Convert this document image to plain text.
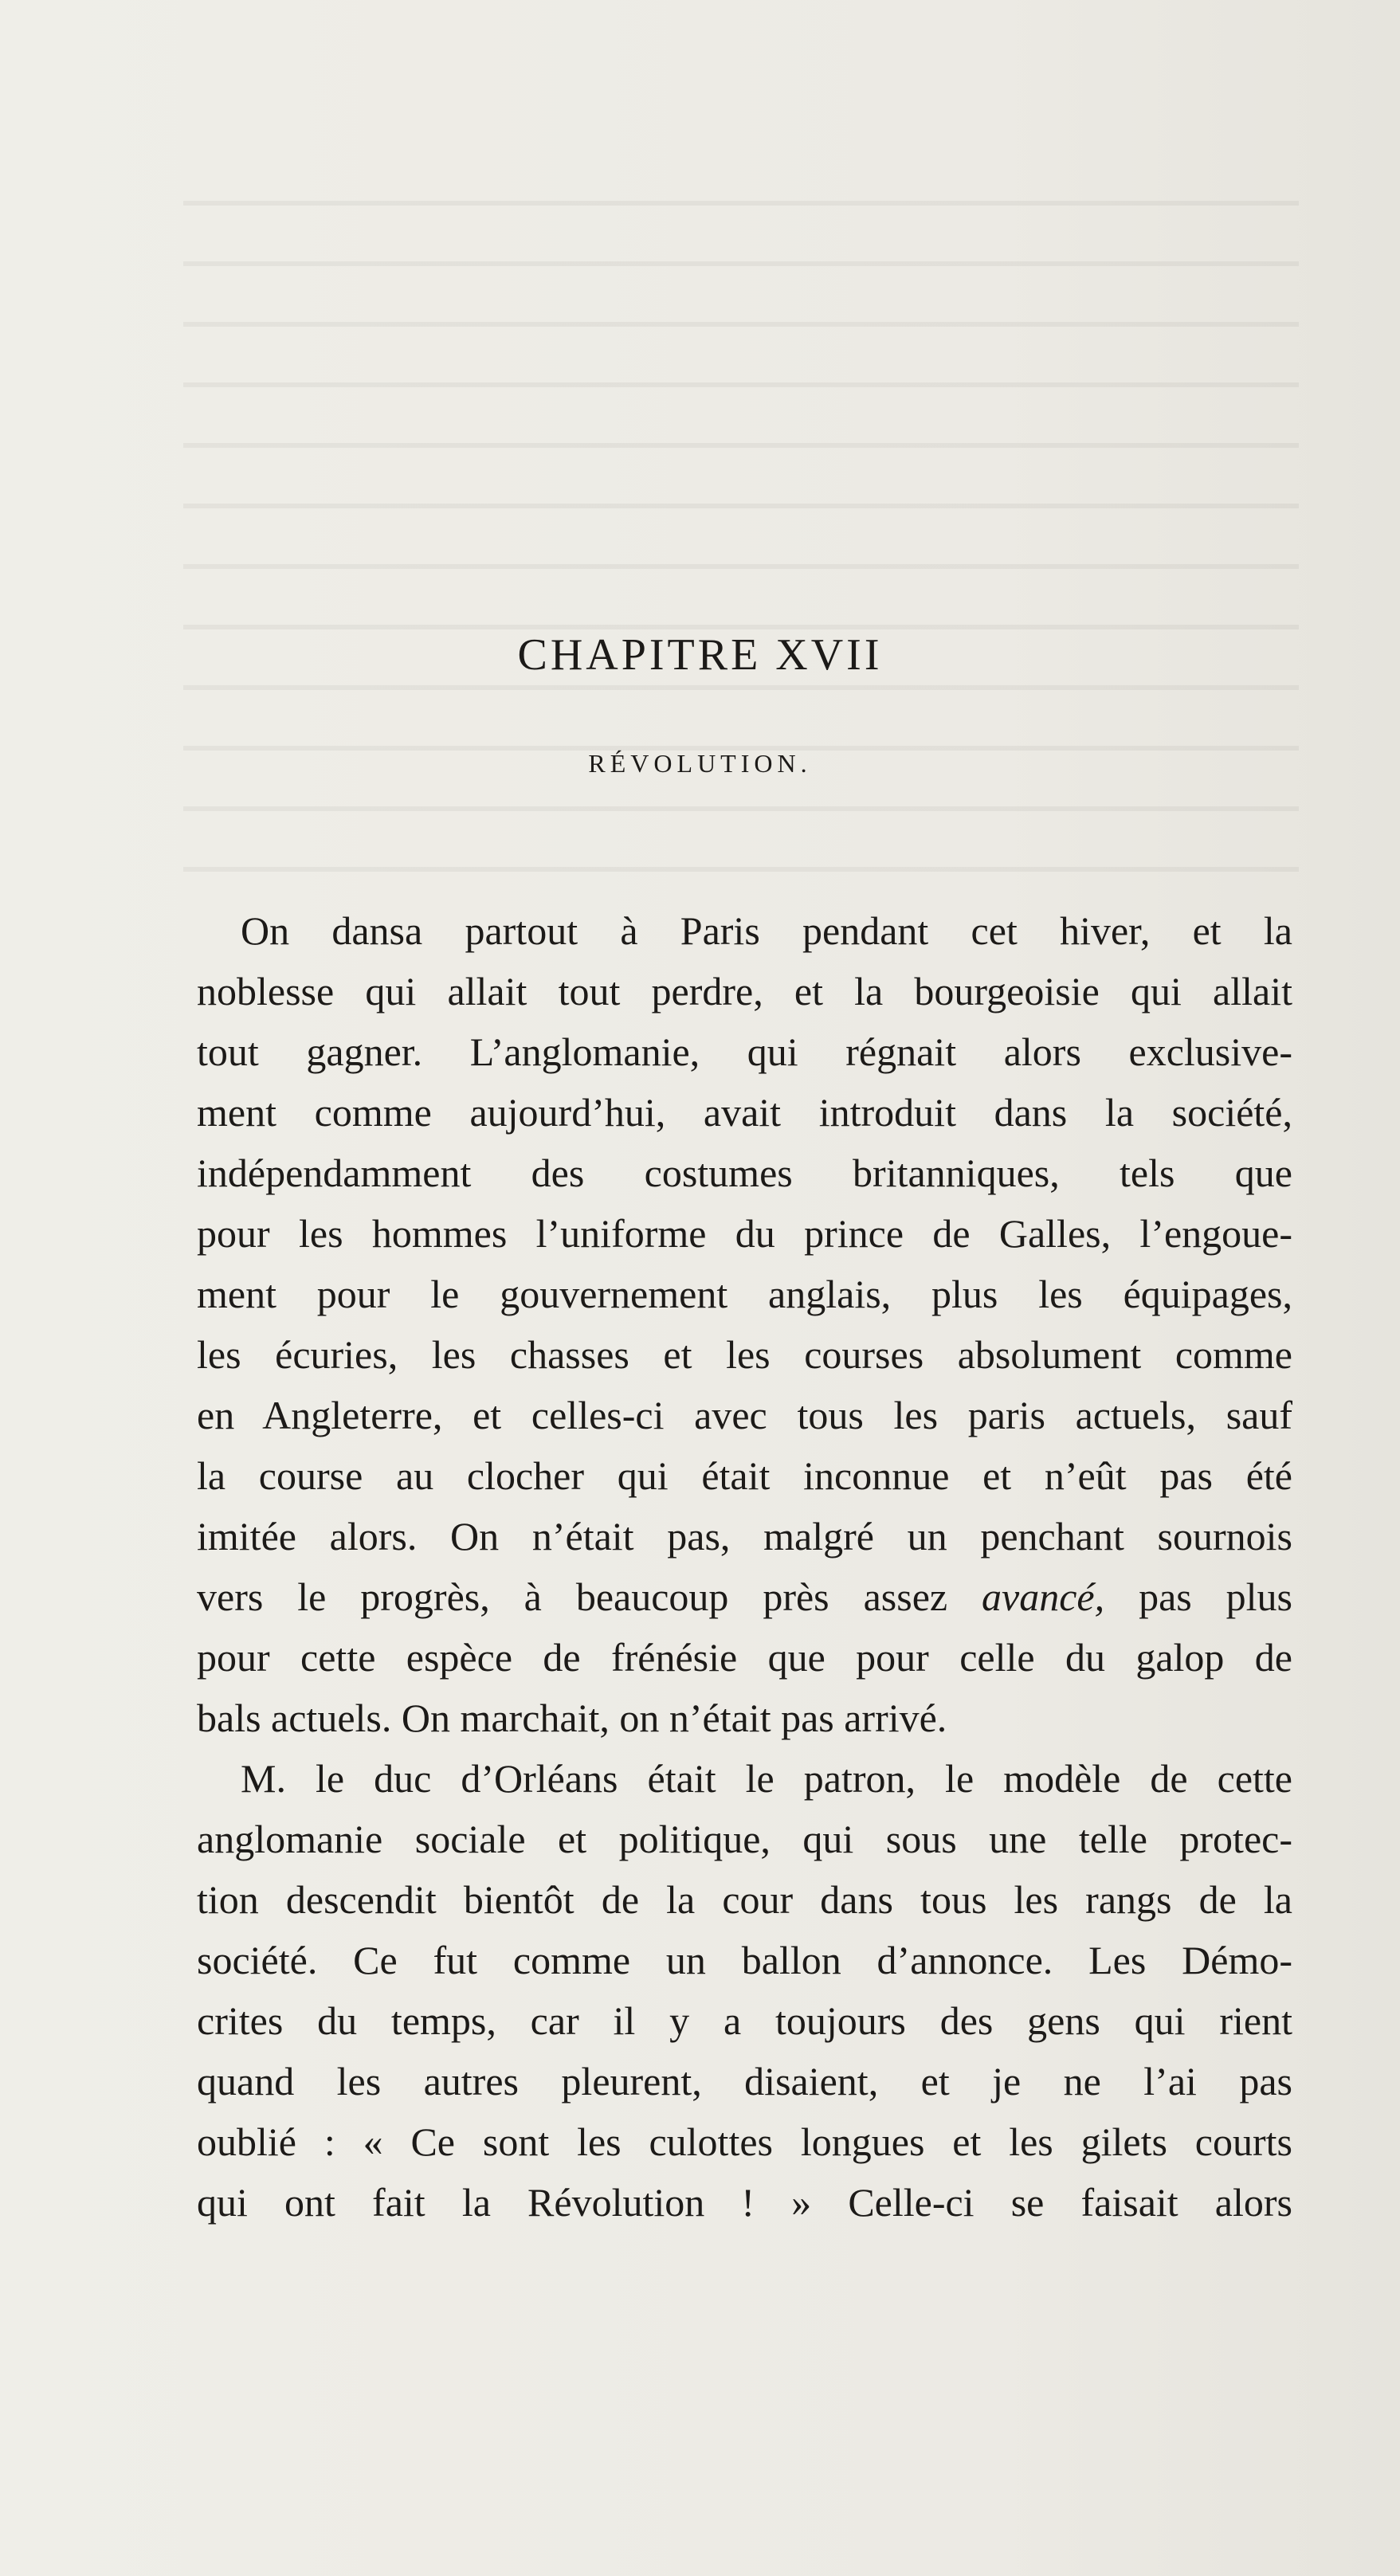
CHAPITRE XVII
RÉVOLUTION.
On dansa partout à Paris pendant cet hiver, et la
noblesse qui allait tout perdre, et la bourgeoisie qui allait
tout gagner. L’anglomanie, qui régnait alors exclusive-
ment comme aujourd’hui, avait introduit dans la société,
indépendamment des costumes britanniques, tels que
pour les hommes l’uniforme du prince de Galles, l’engoue-
ment pour le gouvernement anglais, plus les équipages,
les écuries, les chasses et les courses absolument comme
en Angleterre, et celles-ci avec tous les paris actuels, sauf
la course au clocher qui était inconnue et n’eût pas été
imitée alors. On n’était pas, malgré un penchant sournois
vers le progrès, à beaucoup près assez avancé, pas plus
pour cette espèce de frénésie que pour celle du galop de
bals actuels. On marchait, on n’était pas arrivé.
M. le duc d’Orléans était le patron, le modèle de cette
anglomanie sociale et politique, qui sous une telle protec-
tion descendit bientôt de la cour dans tous les rangs de la
société. Ce fut comme un ballon d’annonce. Les Démo-
crites du temps, car il y a toujours des gens qui rient
quand les autres pleurent, disaient, et je ne l’ai pas
oublié : « Ce sont les culottes longues et les gilets courts
qui ont fait la Révolution ! » Celle-ci se faisait alors
